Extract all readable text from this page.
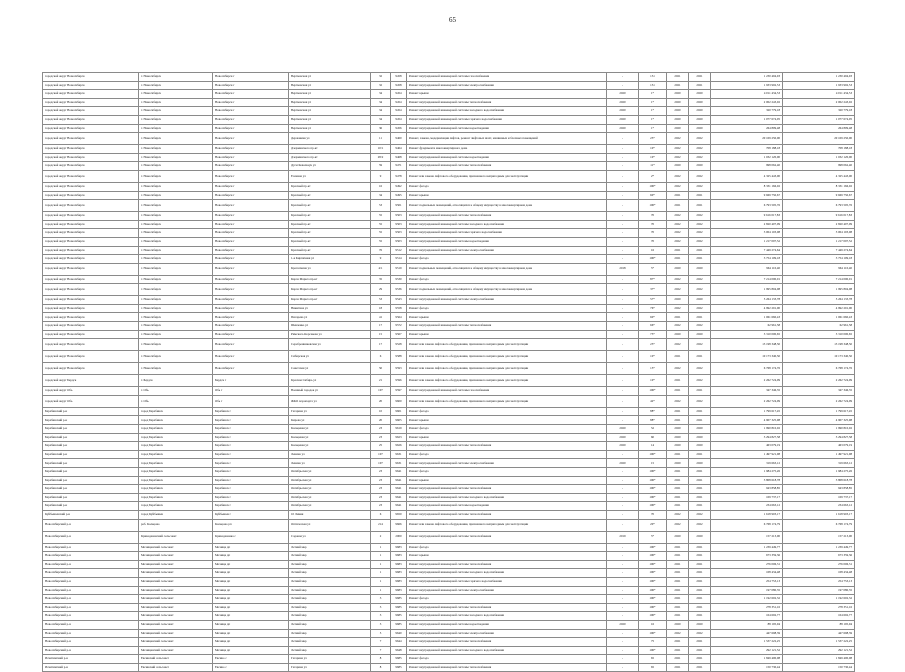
65
городской округ Новосибирск	г. Новосибирск	Новосибирск г	Вертковская ул	32	9458	Ремонт внутридомовой инженерной системы газоснабжения	-	151	2021	2021	1 230 494,93	1 230 494,93
городской округ Новосибирск	г. Новосибирск	Новосибирск г	Вертковская ул	32	9458	Ремонт внутридомовой инженерной системы электроснабжения	-	151	2021	2021	1 933 992,53	1 933 992,53
городской округ Новосибирск	г. Новосибирск	Новосибирск г	Вертковская ул	34	9454	Ремонт крыши	2020	1*	2020	2020	4 011 434,53	4 011 434,53
городской округ Новосибирск	г. Новосибирск	Новосибирск г	Вертковская ул	34	9454	Ремонт внутридомовой инженерной системы теплоснабжения	2020	1*	2020	2020	2 002 243,02	2 002 243,02
городской округ Новосибирск	г. Новосибирск	Новосибирск г	Вертковская ул	34	9454	Ремонт внутридомовой инженерной системы холодного водоснабжения	2020	1*	2020	2020	320 779,18	320 779,18
городской округ Новосибирск	г. Новосибирск	Новосибирск г	Вертковская ул	34	9454	Ремонт внутридомовой инженерной системы горячего водоснабжения	2020	1*	2020	2020	1 077 674,05	1 077 674,05
городской округ Новосибирск	г. Новосибирск	Новосибирск г	Вертковская ул	36	9456	Ремонт внутридомовой инженерной системы водоотведения	2020	1*	2020	2020	264 809,48	264 809,48
городской округ Новосибирск	г. Новосибирск	Новосибирск г	Державина ул	11	9460	Ремонт, замена, модернизация лифтов, ремонт лифтовых шахт, машинных и блочных помещений	-	25*	2022	2022	20 109 250,00	20 109 250,00
городской округ Новосибирск	г. Новосибирск	Новосибирск г	Дзержинского пр-кт	10/1	9464	Ремонт фундамента многоквартирного дома	-	10*	2022	2022	708 188,18	708 188,18
городской округ Новосибирск	г. Новосибирск	Новосибирск г	Дзержинского пр-кт	28/2	9468	Ремонт внутридомовой инженерной системы водоотведения	-	10*	2022	2022	1 032 120,00	1 032 120,00
городской округ Новосибирск	г. Новосибирск	Новосибирск г	Дуси Ковальчук ул	59	9471	Ремонт внутридомовой инженерной системы теплоснабжения	-	11*	2020	2020	998 062,40	998 062,40
городской округ Новосибирск	г. Новосибирск	Новосибирск г	Есенина ул	9	9478	Ремонт или замена лифтового оборудования, признанного непригодным для эксплуатации	-	2*	2022	2022	4 325 443,00	4 325 443,00
городской округ Новосибирск	г. Новосибирск	Новосибирск г	Красный пр-кт	16	9492	Ремонт фасада	-	100*	2022	2022	8 331 166,02	8 331 166,02
городской округ Новосибирск	г. Новосибирск	Новосибирск г	Красный пр-кт	34	9495	Ремонт крыши	-	60*	2021	2021	9 669 750,67	9 669 750,67
городской округ Новосибирск	г. Новосибирск	Новосибирск г	Красный пр-кт	53	9501	Ремонт подвальных помещений, относящихся к общему имуществу в многоквартирном доме	-	100*	2021	2021	6 793 505,76	6 793 505,76
городской округ Новосибирск	г. Новосибирск	Новосибирск г	Красный пр-кт	55	9503	Ремонт внутридомовой инженерной системы теплоснабжения	-	70	2022	2022	9 616 017,83	9 616 017,83
городской округ Новосибирск	г. Новосибирск	Новосибирск г	Красный пр-кт	55	9503	Ремонт внутридомовой инженерной системы холодного водоснабжения	-	70	2022	2022	2 820 407,09	2 820 407,09
городской округ Новосибирск	г. Новосибирск	Новосибирск г	Красный пр-кт	55	9503	Ремонт внутридомовой инженерной системы горячего водоснабжения	-	70	2022	2022	3 004 103,08	3 004 103,08
городской округ Новосибирск	г. Новосибирск	Новосибирск г	Красный пр-кт	55	9503	Ремонт внутридомовой инженерной системы водоотведения	-	70	2022	2022	1 217 097,52	1 217 097,52
городской округ Новосибирск	г. Новосибирск	Новосибирск г	Красный пр-кт	76	9512	Ремонт внутридомовой инженерной системы электроснабжения	-	16	2021	2021	7 449 274,64	7 449 274,64
городской округ Новосибирск	г. Новосибирск	Новосибирск г	1-я Кирпичная ул	9	9514	Ремонт фасада	-	100*	2021	2021	3 754 109,18	3 754 109,18
городской округ Новосибирск	г. Новосибирск	Новосибирск г	Кропоткина ул	4/1	9519	Ремонт подвальных помещений, относящихся к общему имуществу в многоквартирном доме	2018	5*	2020	2020	964 110,40	964 110,40
городской округ Новосибирск	г. Новосибирск	Новосибирск г	Карла Маркса пр-кт	35	9530	Ремонт фасада	-	87*	2022	2022	7 214 090,01	7 214 090,01
городской округ Новосибирск	г. Новосибирск	Новосибирск г	Карла Маркса пр-кт	29	9536	Ремонт подвальных помещений, относящихся к общему имуществу в многоквартирном доме	-	37*	2022	2022	1 995 804,08	1 995 804,08
городской округ Новосибирск	г. Новосибирск	Новосибирск г	Карла Маркса пр-кт	53	9543	Ремонт внутридомовой инженерной системы электроснабжения	-	57*	2020	2020	5 264 133,78	5 264 133,78
городской округ Новосибирск	г. Новосибирск	Новосибирск г	Никитина ул	18	9558	Ремонт фасада	-	76*	2022	2022	4 992 291,00	4 992 291,00
городской округ Новосибирск	г. Новосибирск	Новосибирск г	Писарева ул	41	9564	Ремонт крыши	-	60*	2021	2021	1 061 660,43	1 061 660,43
городской округ Новосибирск	г. Новосибирск	Новосибирск г	Шевченко ул	17	9572	Ремонт внутридомовой инженерной системы теплоснабжения	-	66*	2022	2022	62 961,58	62 961,58
городской округ Новосибирск	г. Новосибирск	Новосибирск г	Римского-Корсакова ул	15	9567	Ремонт крыши	-	75*	2020	2020	3 310 000,65	3 310 000,65
городской округ Новосибирск	г. Новосибирск	Новосибирск г	Серебренниковская ул	17	9528	Ремонт или замена лифтового оборудования, признанного непригодным для эксплуатации	-	25*	2022	2022	13 198 348,50	13 198 348,50
городской округ Новосибирск	г. Новосибирск	Новосибирск г	Сибирская ул	6	9588	Ремонт или замена лифтового оборудования, признанного непригодным для эксплуатации	-	10*	2021	2021	10 173 340,50	10 173 340,50
городской округ Новосибирск	г. Новосибирск	Новосибирск г	Советская ул	50	9593	Ремонт или замена лифтового оборудования, признанного непригодным для эксплуатации	-	15*	2022	2022	6 768 174,76	6 768 174,76
городской округ Бердск	г. Бердск	Бердск г	Красная Сибирь ул	21	9596	Ремонт или замена лифтового оборудования, признанного непригодным для эксплуатации	-	10*	2021	2022	2 262 724,09	2 262 724,09
городской округ Обь	г. Обь	Обь г	Военный городок ул	107	9597	Ремонт внутридомовой инженерной системы газоснабжения	-	100*	2021	2021	347 346,35	347 346,35
городской округ Обь	г. Обь	Обь г	ЖКО Аэропорта ул	20	9600	Ремонт или замена лифтового оборудования, признанного непригодным для эксплуатации	-	42*	2022	2022	2 262 724,09	2 262 724,09
Барабинский р-н	город Барабинск	Барабинск г	Гагарина ул	10	9601	Ремонт фасада	-	88*	2021	2021	1 799 617,45	1 799 617,45
Барабинский р-н	город Барабинск	Барабинск г	Кирова ул	20	9605	Ремонт крыши	-	88*	2021	2021	4 907 325,98	4 907 325,98
Барабинский р-н	город Барабинск	Барабинск г	Кольцевая ул	23	9619	Ремонт фасада	2020	52	2020	2020	1 990 810,02	1 990 810,02
Барабинский р-н	город Барабинск	Барабинск г	Кольцевая ул	23	9623	Ремонт крыши	2020	60	2020	2020	3 294 827,58	3 294 827,58
Барабинский р-н	город Барабинск	Барабинск г	Кольцевая ул	25	9626	Ремонт внутридомовой инженерной системы теплоснабжения	2020	14	2020	2020	463 079,19	463 079,19
Барабинский р-н	город Барабинск	Барабинск г	Ленина ул	107	9631	Ремонт фасада	-	100*	2021	2021	1 497 921,98	1 497 921,98
Барабинский р-н	город Барабинск	Барабинск г	Ленина ул	107	9631	Ремонт внутридомовой инженерной системы электроснабжения	2020	15	2020	2020	319 663,12	319 663,12
Барабинский р-н	город Барабинск	Барабинск г	Октябрьская ул	23	9641	Ремонт фасада	-	100*	2021	2021	1 984 275,26	1 984 275,26
Барабинский р-н	город Барабинск	Барабинск г	Октябрьская ул	23	9641	Ремонт крыши	-	100*	2021	2021	3 808 618,78	3 808 618,78
Барабинский р-н	город Барабинск	Барабинск г	Октябрьская ул	23	9641	Ремонт внутридомовой инженерной системы теплоснабжения	-	100*	2021	2021	943 858,85	943 858,85
Барабинский р-н	город Барабинск	Барабинск г	Октябрьская ул	23	9641	Ремонт внутридомовой инженерной системы холодного водоснабжения	-	100*	2021	2021	109 737,17	109 737,17
Барабинский р-н	город Барабинск	Барабинск г	Октябрьская ул	23	9641	Ремонт внутридомовой инженерной системы водоотведения	-	100*	2021	2021	234 663,12	234 663,12
Куйбышевский р-н	город Куйбышев	Куйбышев г	10 Линия	6	9650	Ремонт внутридомовой инженерной системы теплоснабжения	-	70	2022	2022	1 618 903,17	1 618 903,17
Новосибирский р-н	раб. Кольцово	Кольцово рп	Оптическая ул	214	9666	Ремонт или замена лифтового оборудования, признанного непригодным для эксплуатации	-	20*	2022	2022	6 768 174,79	6 768 174,79
Новосибирский р-н	Криводановский сельсовет	Криводановка с	Садовая ул	2	2000	Ремонт внутридомовой инженерной системы теплоснабжения	2019	5*	2020	2020	157 213,00	157 213,00
Новосибирский р-н	Мочищенский сельсовет	Мочище дп	Летний мкр	1	9683	Ремонт фасада	-	100*	2021	2021	1 239 449,77	1 239 449,77
Новосибирский р-н	Мочищенский сельсовет	Мочище дп	Летний мкр	1	9683	Ремонт крыши	-	100*	2021	2021	673 359,36	673 359,36
Новосибирский р-н	Мочищенский сельсовет	Мочище дп	Летний мкр	1	9683	Ремонт внутридомовой инженерной системы теплоснабжения	-	100*	2021	2021	276 006,31	276 006,31
Новосибирский р-н	Мочищенский сельсовет	Мочище дп	Летний мкр	1	9683	Ремонт внутридомовой инженерной системы холодного водоснабжения	-	100*	2021	2021	108 434,48	108 434,48
Новосибирский р-н	Мочищенский сельсовет	Мочище дп	Летний мкр	1	9683	Ремонт внутридомовой инженерной системы горячего водоснабжения	-	100*	2021	2021	254 753,13	254 753,13
Новосибирский р-н	Мочищенский сельсовет	Мочище дп	Летний мкр	1	9683	Ремонт внутридомовой инженерной системы электроснабжения	-	100*	2021	2021	197 080,35	197 080,35
Новосибирский р-н	Мочищенский сельсовет	Мочище дп	Летний мкр	3	9685	Ремонт фасада	-	100*	2021	2021	1 192 602,32	1 192 602,32
Новосибирский р-н	Мочищенский сельсовет	Мочище дп	Летний мкр	3	9685	Ремонт внутридомовой инженерной системы теплоснабжения	-	100*	2021	2021	278 351,16	278 351,16
Новосибирский р-н	Мочищенский сельсовет	Мочище дп	Летний мкр	3	9685	Ремонт внутридомовой инженерной системы холодного водоснабжения	-	100*	2021	2021	104 692,77	104 692,77
Новосибирский р-н	Мочищенский сельсовет	Мочище дп	Летний мкр	3	9685	Ремонт внутридомовой инженерной системы водоотведения	2020	16	2020	2020	88 195,94	88 195,94
Новосибирский р-н	Мочищенский сельсовет	Мочище дп	Летний мкр	5	9640	Ремонт внутридомовой инженерной системы электроснабжения	-	100*	2022	2022	447 698,39	447 698,39
Новосибирский р-н	Мочищенский сельсовет	Мочище дп	Летний мкр	7	9644	Ремонт внутридомовой инженерной системы теплоснабжения	-	75	2021	2021	1 537 222,25	1 537 222,25
Новосибирский р-н	Мочищенский сельсовет	Мочище дп	Летний мкр	7	9648	Ремонт внутридомовой инженерной системы холодного водоснабжения	-	100*	2021	2021	292 121,52	292 121,52
Искитимский р-н	Евсинский сельсовет	Евсино с	Гагарина ул	8	9685	Ремонт фасада	-	65	2021	2021	1 849 400,08	1 849 400,08
Искитимский р-н	Евсинский сельсовет	Евсино с	Гагарина ул	8	9685	Ремонт внутридомовой инженерной системы теплоснабжения	-	65	2021	2021	150 730,44	150 730,44
